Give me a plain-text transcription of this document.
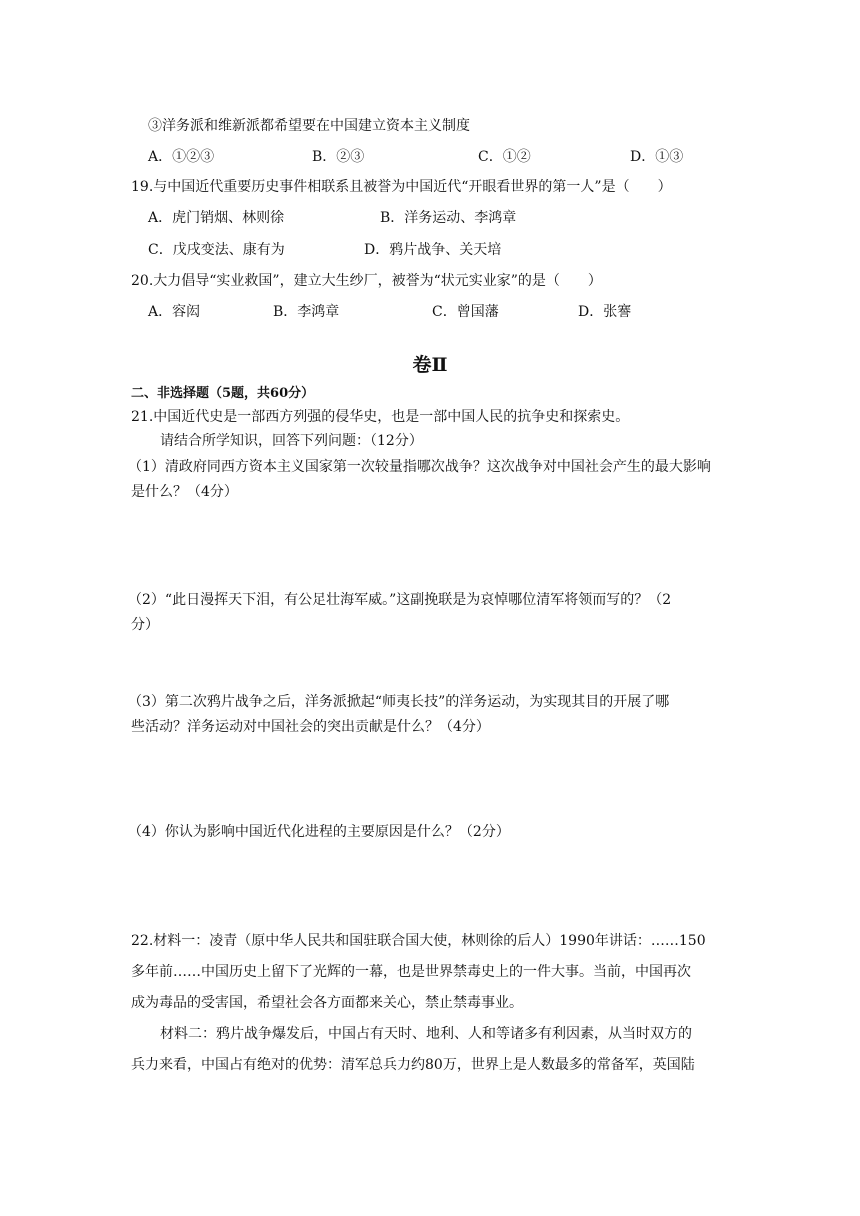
③洋务派和维新派都希望要在中国建立资本主义制度
A．①②③	B．②③	C．①②	D．①③
19.与中国近代重要历史事件相联系且被誉为中国近代“开眼看世界的第一人”是（　　）
A．虎门销烟、林则徐	B．洋务运动、李鸿章
C．戊戌变法、康有为	D．鸦片战争、关天培
20.大力倡导“实业救国”，建立大生纱厂，被誉为“状元实业家”的是（　　）
A．容闳	B．李鸿章	C．曾国藩	D．张謇
卷Ⅱ
二、非选择题（5题，共60分）
21.中国近代史是一部西方列强的侵华史，也是一部中国人民的抗争史和探索史。
请结合所学知识，回答下列问题：（12分）
（1）清政府同西方资本主义国家第一次较量指哪次战争？这次战争对中国社会产生的最大影响
是什么？（4分）
（2）“此日漫挥天下泪，有公足壮海军威。”这副挽联是为哀悼哪位清军将领而写的？（2
分）
（3）第二次鸦片战争之后，洋务派掀起“师夷长技”的洋务运动，为实现其目的开展了哪
些活动？洋务运动对中国社会的突出贡献是什么？（4分）
（4）你认为影响中国近代化进程的主要原因是什么？（2分）
22.材料一：凌青（原中华人民共和国驻联合国大使，林则徐的后人）1990年讲话：……150
多年前……中国历史上留下了光辉的一幕，也是世界禁毒史上的一件大事。当前，中国再次
成为毒品的受害国，希望社会各方面都来关心，禁止禁毒事业。
材料二：鸦片战争爆发后，中国占有天时、地利、人和等诸多有利因素，从当时双方的
兵力来看，中国占有绝对的优势：清军总兵力约80万，世界上是人数最多的常备军，英国陆
